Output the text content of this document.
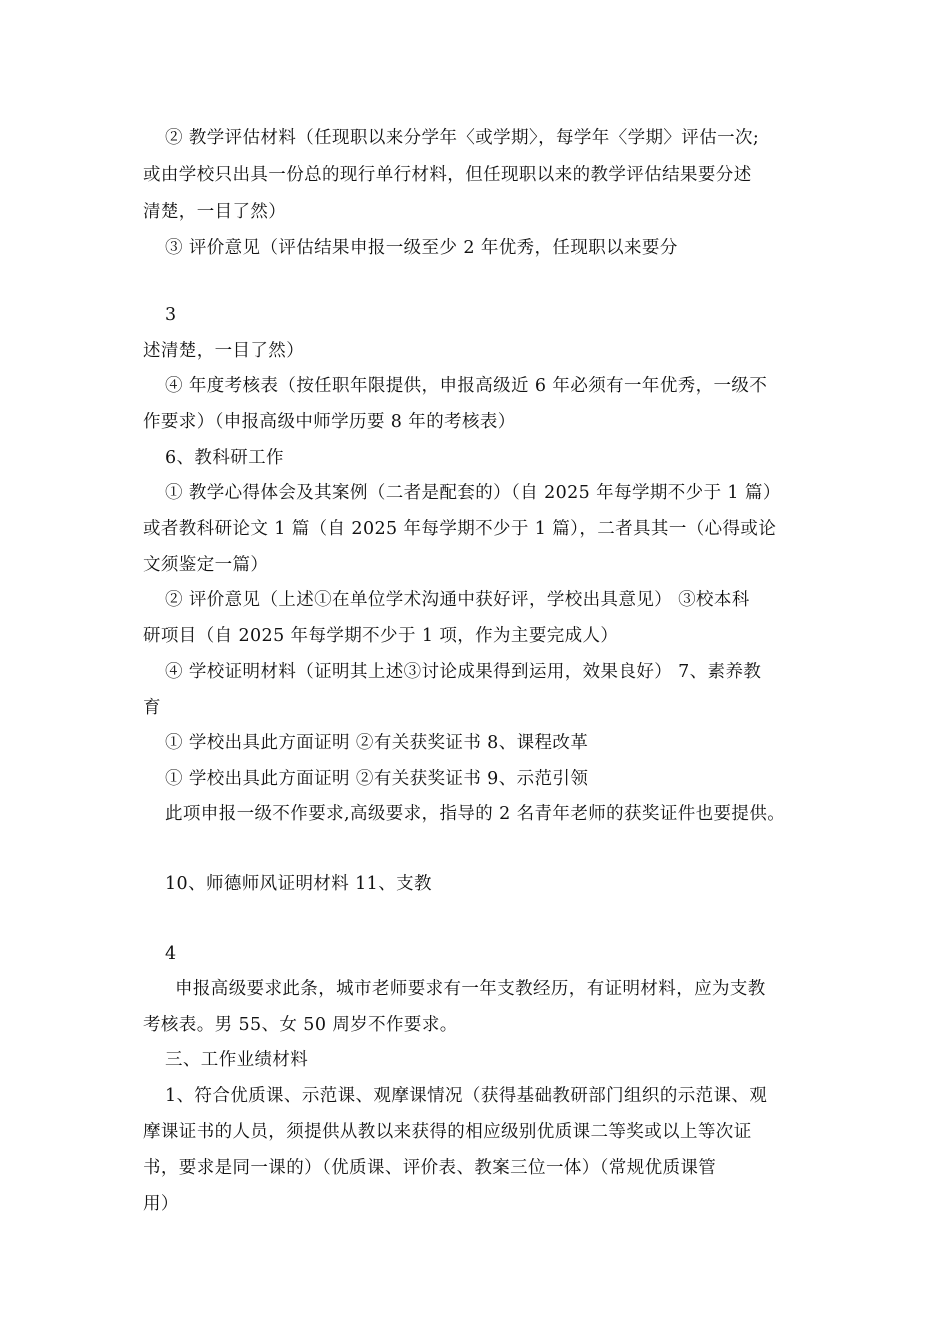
② 教学评估材料（任现职以来分学年〈或学期〉，每学年〈学期〉评估一次;
或由学校只出具一份总的现行单行材料，但任现职以来的教学评估结果要分述
清楚，一目了然）
③ 评价意见（评估结果申报一级至少 2 年优秀，任现职以来要分
3
述清楚，一目了然）
④ 年度考核表（按任职年限提供，申报高级近 6 年必须有一年优秀，一级不
作要求）（申报高级中师学历要 8 年的考核表）
6、教科研工作
① 教学心得体会及其案例（二者是配套的）（自 2025 年每学期不少于 1 篇）
或者教科研论文 1 篇（自 2025 年每学期不少于 1 篇），二者具其一（心得或论
文须鉴定一篇）
② 评价意见（上述①在单位学术沟通中获好评，学校出具意见） ③校本科
研项目（自 2025 年每学期不少于 1 项，作为主要完成人）
④ 学校证明材料（证明其上述③讨论成果得到运用，效果良好） 7、素养教
育
① 学校出具此方面证明 ②有关获奖证书 8、课程改革
① 学校出具此方面证明 ②有关获奖证书 9、示范引领
此项申报一级不作要求,高级要求，指导的 2 名青年老师的获奖证件也要提供。
10、师德师风证明材料 11、支教
4
申报高级要求此条，城市老师要求有一年支教经历，有证明材料，应为支教
考核表。男 55、女 50 周岁不作要求。
三、工作业绩材料
1、符合优质课、示范课、观摩课情况（获得基础教研部门组织的示范课、观
摩课证书的人员，须提供从教以来获得的相应级别优质课二等奖或以上等次证
书，要求是同一课的）（优质课、评价表、教案三位一体）（常规优质课管
用）
